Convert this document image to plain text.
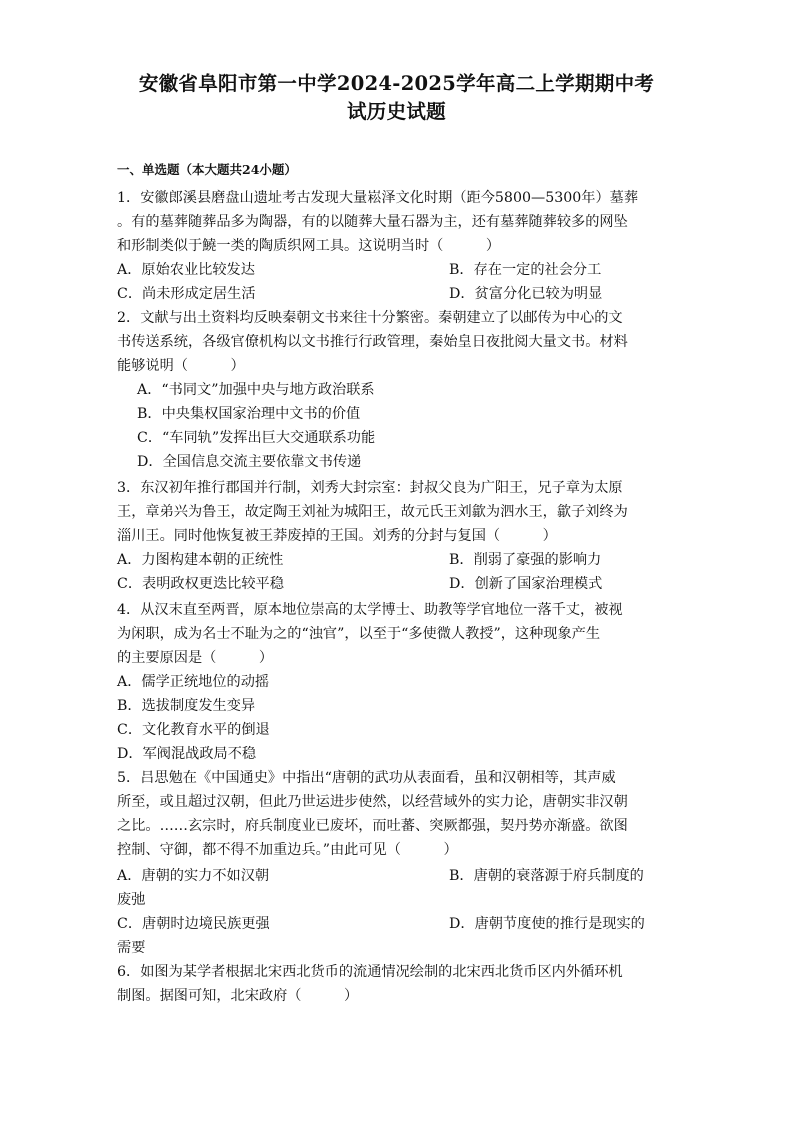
安徽省阜阳市第一中学2024-2025学年高二上学期期中考
试历史试题
一、单选题（本大题共24小题）
1．安徽郎溪县磨盘山遗址考古发现大量崧泽文化时期（距今5800—5300年）墓葬
。有的墓葬随葬品多为陶器，有的以随葬大量石器为主，还有墓葬随葬较多的网坠
和形制类似于鱙一类的陶质织网工具。这说明当时（　　　）
A．原始农业比较发达	B．存在一定的社会分工
C．尚未形成定居生活	D．贫富分化已较为明显
2．文献与出土资料均反映秦朝文书来往十分繁密。秦朝建立了以邮传为中心的文
书传送系统，各级官僚机构以文书推行行政管理，秦始皇日夜批阅大量文书。材料
能够说明（　　　）
A．“书同文”加强中央与地方政治联系
B．中央集权国家治理中文书的价值
C．“车同轨”发挥出巨大交通联系功能
D．全国信息交流主要依靠文书传递
3．东汉初年推行郡国并行制，刘秀大封宗室：封叔父良为广阳王，兄子章为太原
王，章弟兴为鲁王，故定陶王刘祉为城阳王，故元氏王刘歙为泗水王，歙子刘终为
淄川王。同时他恢复被王莽废掉的王国。刘秀的分封与复国（　　　）
A．力图构建本朝的正统性	B．削弱了豪强的影响力
C．表明政权更迭比较平稳	D．创新了国家治理模式
4．从汉末直至两晋，原本地位崇高的太学博士、助教等学官地位一落千丈，被视
为闲职，成为名士不耻为之的“浊官”，以至于“多使微人教授”，这种现象产生
的主要原因是（　　　）
A．儒学正统地位的动摇
B．选拔制度发生变异
C．文化教育水平的倒退
D．军阀混战政局不稳
5．吕思勉在《中国通史》中指出“唐朝的武功从表面看，虽和汉朝相等，其声威
所至，或且超过汉朝，但此乃世运进步使然，以经营域外的实力论，唐朝实非汉朝
之比。……玄宗时，府兵制度业已废坏，而吐蕃、突厥都强，契丹势亦渐盛。欲图
控制、守御，都不得不加重边兵。”由此可见（　　　）
A．唐朝的实力不如汉朝	B．唐朝的衰落源于府兵制度的
废弛
C．唐朝时边境民族更强	D．唐朝节度使的推行是现实的
需要
6．如图为某学者根据北宋西北货币的流通情况绘制的北宋西北货币区内外循环机
制图。据图可知，北宋政府（　　　）
